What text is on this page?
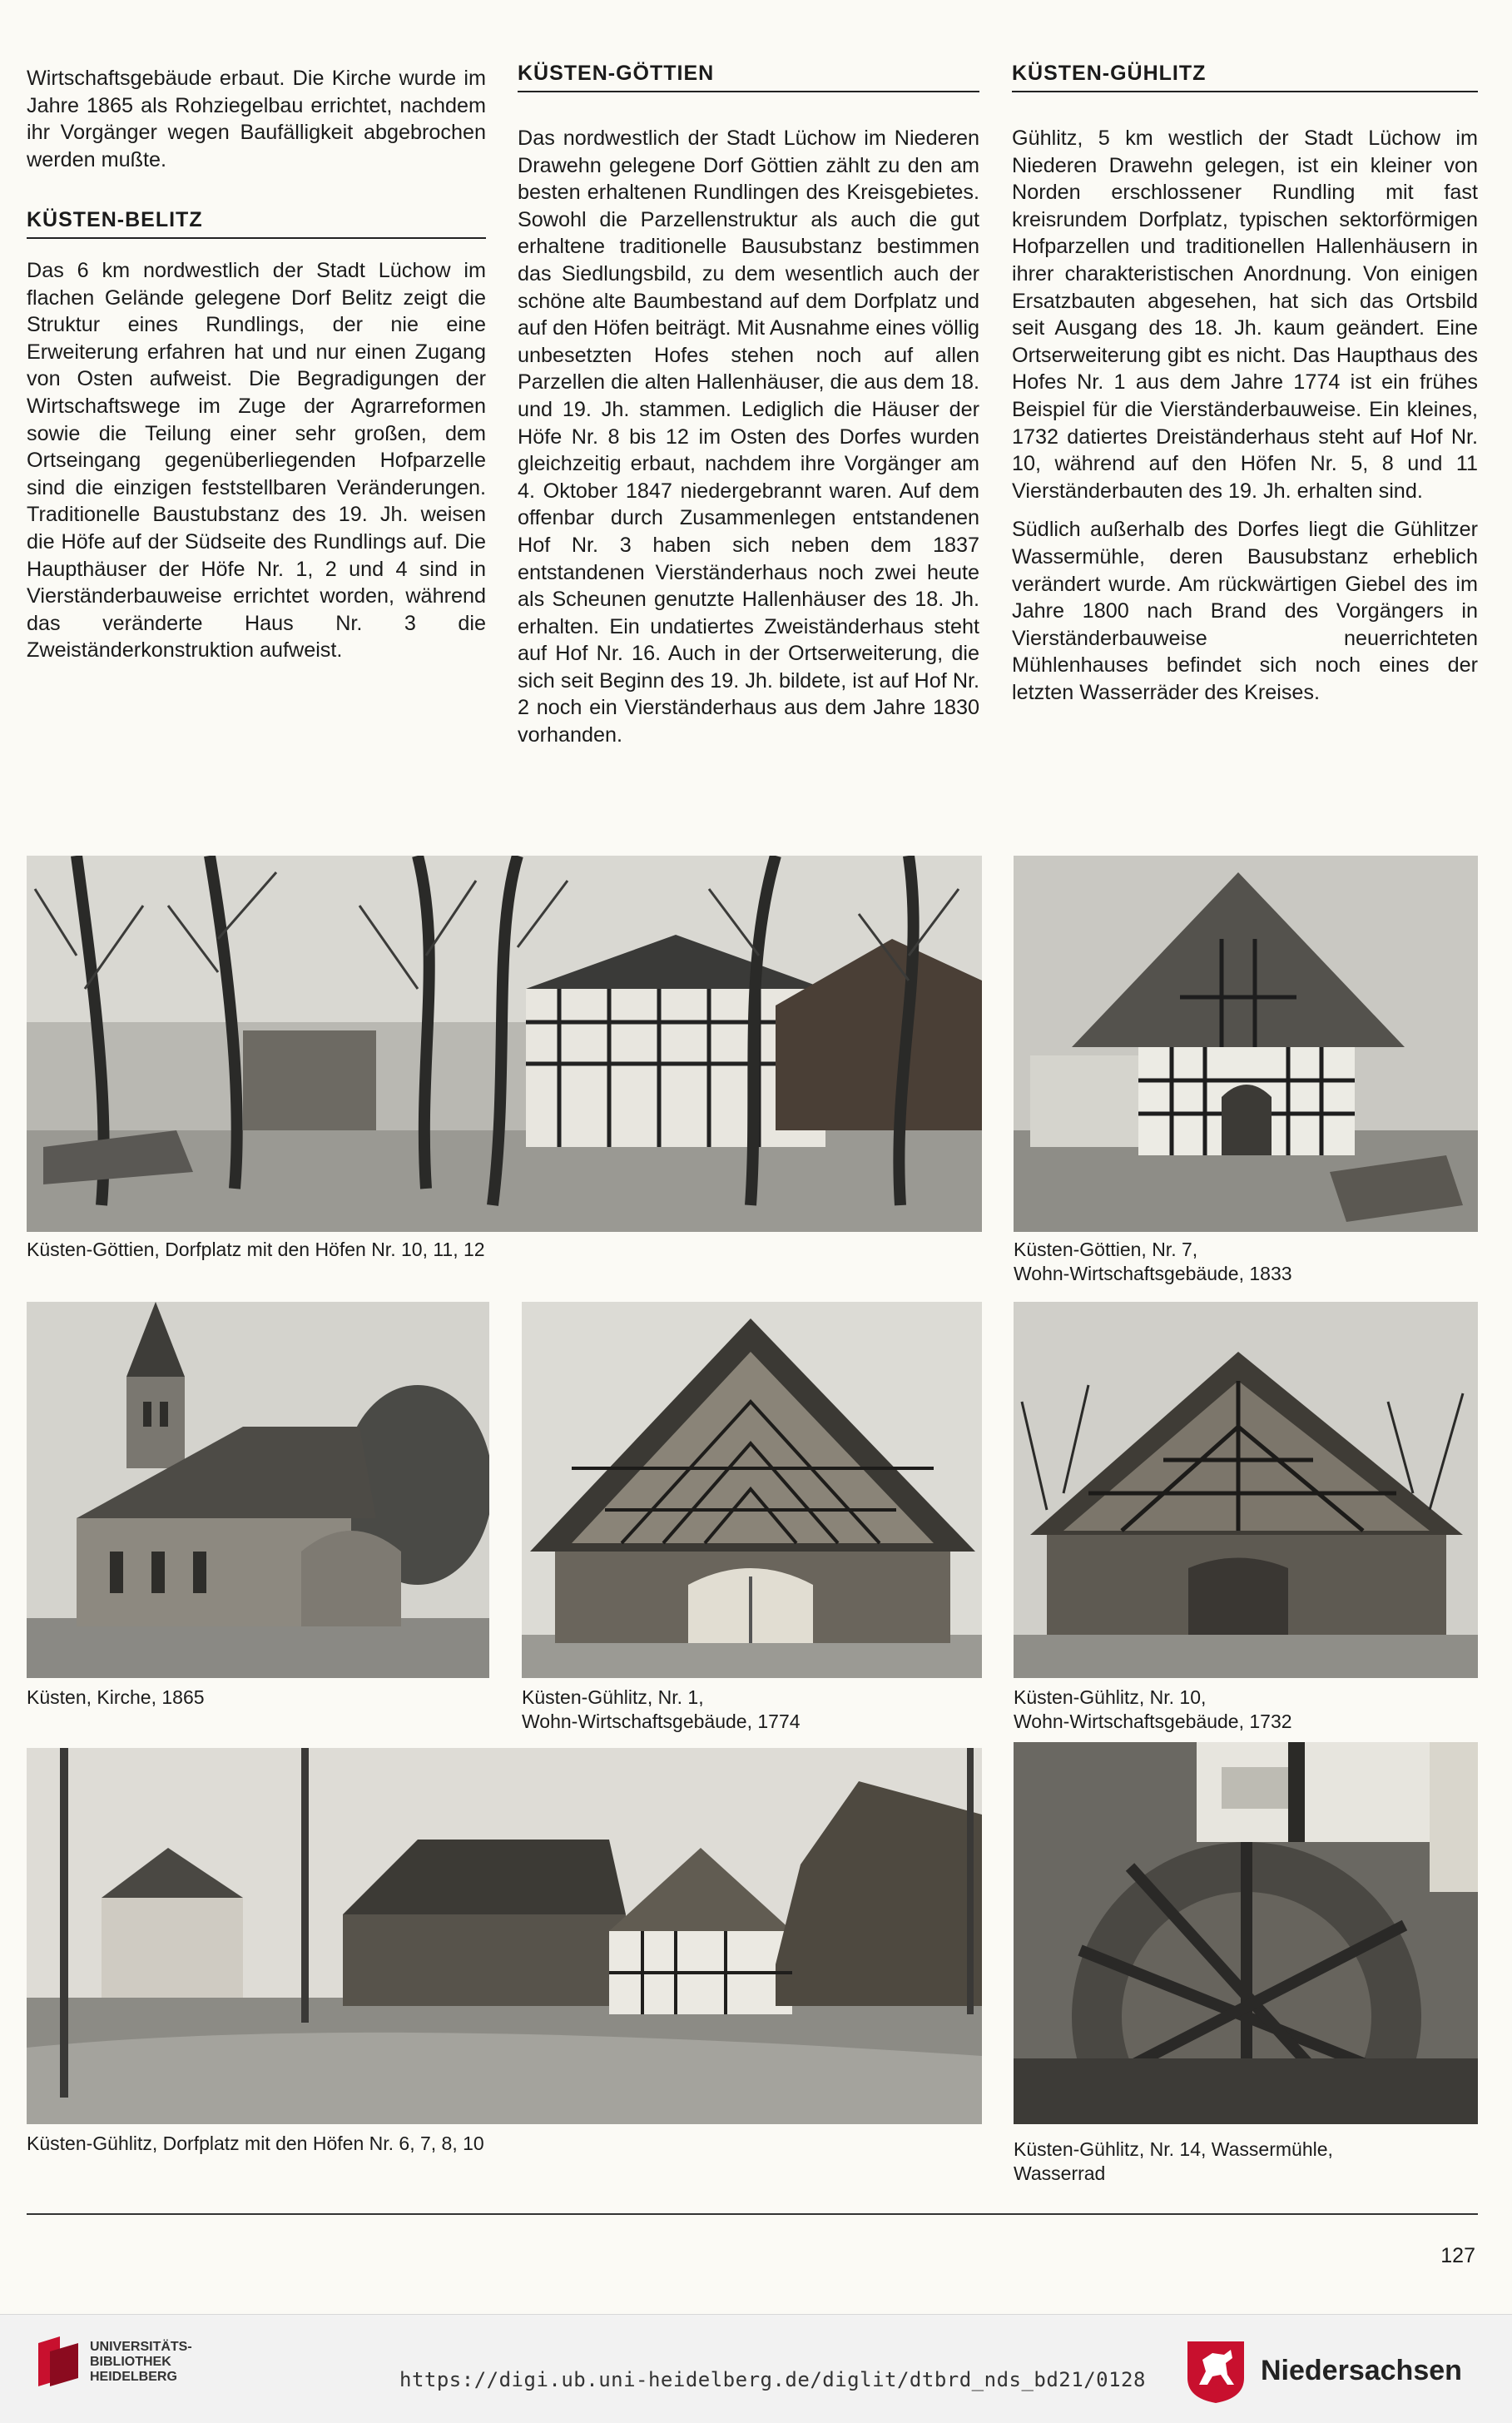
Wirtschaftsgebäude erbaut. Die Kirche wurde im Jahre 1865 als Rohziegelbau errichtet, nachdem ihr Vorgänger wegen Baufälligkeit abgebrochen werden mußte.

KÜSTEN-BELITZ

Das 6 km nordwestlich der Stadt Lüchow im flachen Gelände gelegene Dorf Belitz zeigt die Struktur eines Rundlings, der nie eine Erweiterung erfahren hat und nur einen Zugang von Osten aufweist. Die Begradigungen der Wirtschaftswege im Zuge der Agrarreformen sowie die Teilung einer sehr großen, dem Ortseingang gegenüberliegenden Hofparzelle sind die einzigen feststellbaren Veränderungen. Traditionelle Baustubstanz des 19. Jh. weisen die Höfe auf der Südseite des Rundlings auf. Die Haupthäuser der Höfe Nr. 1, 2 und 4 sind in Vierständerbauweise errichtet worden, während das veränderte Haus Nr. 3 die Zweiständerkonstruktion aufweist.

KÜSTEN-GÖTTIEN

Das nordwestlich der Stadt Lüchow im Niederen Drawehn gelegene Dorf Göttien zählt zu den am besten erhaltenen Rundlingen des Kreisgebietes. Sowohl die Parzellenstruktur als auch die gut erhaltene traditionelle Bausubstanz bestimmen das Siedlungsbild, zu dem wesentlich auch der schöne alte Baumbestand auf dem Dorfplatz und auf den Höfen beiträgt. Mit Ausnahme eines völlig unbesetzten Hofes stehen noch auf allen Parzellen die alten Hallenhäuser, die aus dem 18. und 19. Jh. stammen. Lediglich die Häuser der Höfe Nr. 8 bis 12 im Osten des Dorfes wurden gleichzeitig erbaut, nachdem ihre Vorgänger am 4. Oktober 1847 niedergebrannt waren. Auf dem offenbar durch Zusammenlegen entstandenen Hof Nr. 3 haben sich neben dem 1837 entstandenen Vierständerhaus noch zwei heute als Scheunen genutzte Hallenhäuser des 18. Jh. erhalten. Ein undatiertes Zweiständerhaus steht auf Hof Nr. 16. Auch in der Ortserweiterung, die sich seit Beginn des 19. Jh. bildete, ist auf Hof Nr. 2 noch ein Vierständerhaus aus dem Jahre 1830 vorhanden.

KÜSTEN-GÜHLITZ

Gühlitz, 5 km westlich der Stadt Lüchow im Niederen Drawehn gelegen, ist ein kleiner von Norden erschlossener Rundling mit fast kreisrundem Dorfplatz, typischen sektorförmigen Hofparzellen und traditionellen Hallenhäusern in ihrer charakteristischen Anordnung. Von einigen Ersatzbauten abgesehen, hat sich das Ortsbild seit Ausgang des 18. Jh. kaum geändert. Eine Ortserweiterung gibt es nicht. Das Haupthaus des Hofes Nr. 1 aus dem Jahre 1774 ist ein frühes Beispiel für die Vierständerbauweise. Ein kleines, 1732 datiertes Dreiständerhaus steht auf Hof Nr. 10, während auf den Höfen Nr. 5, 8 und 11 Vierständerbauten des 19. Jh. erhalten sind.

Südlich außerhalb des Dorfes liegt die Gühlitzer Wassermühle, deren Bausubstanz erheblich verändert wurde. Am rückwärtigen Giebel des im Jahre 1800 nach Brand des Vorgängers in Vierständerbauweise neuerrichteten Mühlenhauses befindet sich noch eines der letzten Wasserräder des Kreises.

Küsten-Göttien, Dorfplatz mit den Höfen Nr. 10, 11, 12	Küsten-Göttien, Nr. 7,
Wohn-Wirtschaftsgebäude, 1833
Küsten, Kirche, 1865	Küsten-Gühlitz, Nr. 1,
Wohn-Wirtschaftsgebäude, 1774
Küsten-Gühlitz, Nr. 10,
Wohn-Wirtschaftsgebäude, 1732
Küsten-Gühlitz, Dorfplatz mit den Höfen Nr. 6, 7, 8, 10	Küsten-Gühlitz, Nr. 14, Wassermühle,
Wasserrad
127
UNIVERSITÄTS-
BIBLIOTHEK
HEIDELBERG	https://digi.ub.uni-heidelberg.de/diglit/dtbrd_nds_bd21/0128	Niedersachsen
